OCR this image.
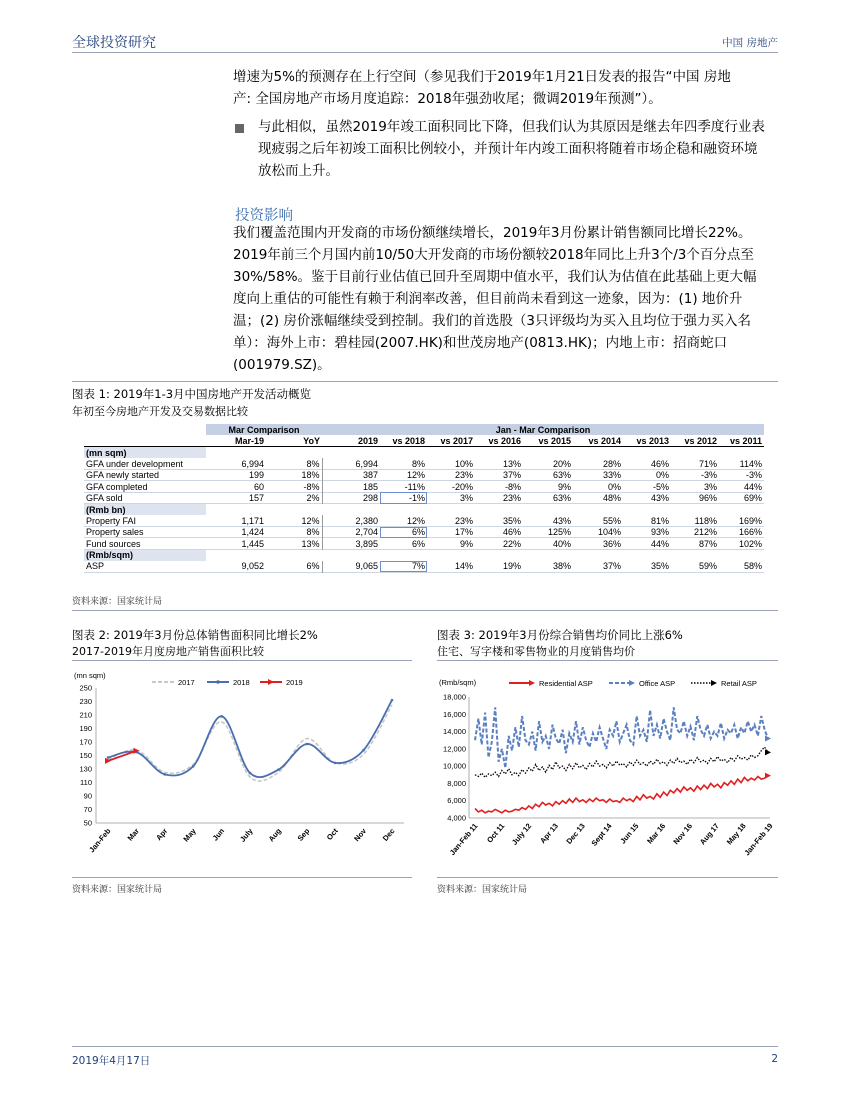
全球投资研究	中国 房地产
增速为5%的预测存在上行空间（参见我们于2019年1月21日发表的报告“中国 房地
产: 全国房地产市场月度追踪：2018年强劲收尾；微调2019年预测”）。
与此相似，虽然2019年竣工面积同比下降，但我们认为其原因是继去年四季度行业表
现疲弱之后年初竣工面积比例较小，并预计年内竣工面积将随着市场企稳和融资环境
放松而上升。
投资影响
我们覆盖范围内开发商的市场份额继续增长，2019年3月份累计销售额同比增长22%。
2019年前三个月国内前10/50大开发商的市场份额较2018年同比上升3个/3个百分点至
30%/58%。鉴于目前行业估值已回升至周期中值水平，我们认为估值在此基础上更大幅
度向上重估的可能性有赖于利润率改善，但目前尚未看到这一迹象，因为：(1) 地价升
温；(2) 房价涨幅继续受到控制。我们的首选股（3只评级均为买入且均位于强力买入名
单）：海外上市：碧桂园(2007.HK)和世茂房地产(0813.HK)；内地上市：招商蛇口
(001979.SZ)。
图表 1: 2019年1-3月中国房地产开发活动概览
年初至今房地产开发及交易数据比较
	Mar Comparison		Jan - Mar Comparison								
	Mar-19	YoY	2019	vs 2018	vs 2017	vs 2016	vs 2015	vs 2014	vs 2013	vs 2012	vs 2011
(mn sqm)											
GFA under development	6,994	8%	6,994	8%	10%	13%	20%	28%	46%	71%	114%
GFA newly started	199	18%	387	12%	23%	37%	63%	33%	0%	-3%	-3%
GFA completed	60	-8%	185	-11%	-20%	-8%	9%	0%	-5%	3%	44%
GFA sold	157	2%	298	-1%	3%	23%	63%	48%	43%	96%	69%
(Rmb bn)											
Property FAI	1,171	12%	2,380	12%	23%	35%	43%	55%	81%	118%	169%
Property sales	1,424	8%	2,704	6%	17%	46%	125%	104%	93%	212%	166%
Fund sources	1,445	13%	3,895	6%	9%	22%	40%	36%	44%	87%	102%
(Rmb/sqm)											
ASP	9,052	6%	9,065	7%	14%	19%	38%	37%	35%	59%	58%
资料来源：国家统计局
图表 2: 2019年3月份总体销售面积同比增长2%
2017-2019年月度房地产销售面积比较
(mn sqm)
50
70
90
110
130
150
170
190
210
230
250
Jan-Feb Mar Apr May Jun July Aug Sep Oct Nov Dec
2017	2018	2019
资料来源：国家统计局
图表 3: 2019年3月份综合销售均价同比上涨6%
住宅、写字楼和零售物业的月度销售均价
(Rmb/sqm)
4,000
6,000
8,000
10,000
12,000
14,000
16,000
18,000
Jan-Feb 11 Oct 11 July 12 Apr 13 Dec 13 Sept 14 Jun 15 Mar 16 Nov 16 Aug 17 May 18
Jan-Feb 19
Residential ASP	Office ASP	Retail ASP
资料来源：国家统计局
2019年4月17日	2
